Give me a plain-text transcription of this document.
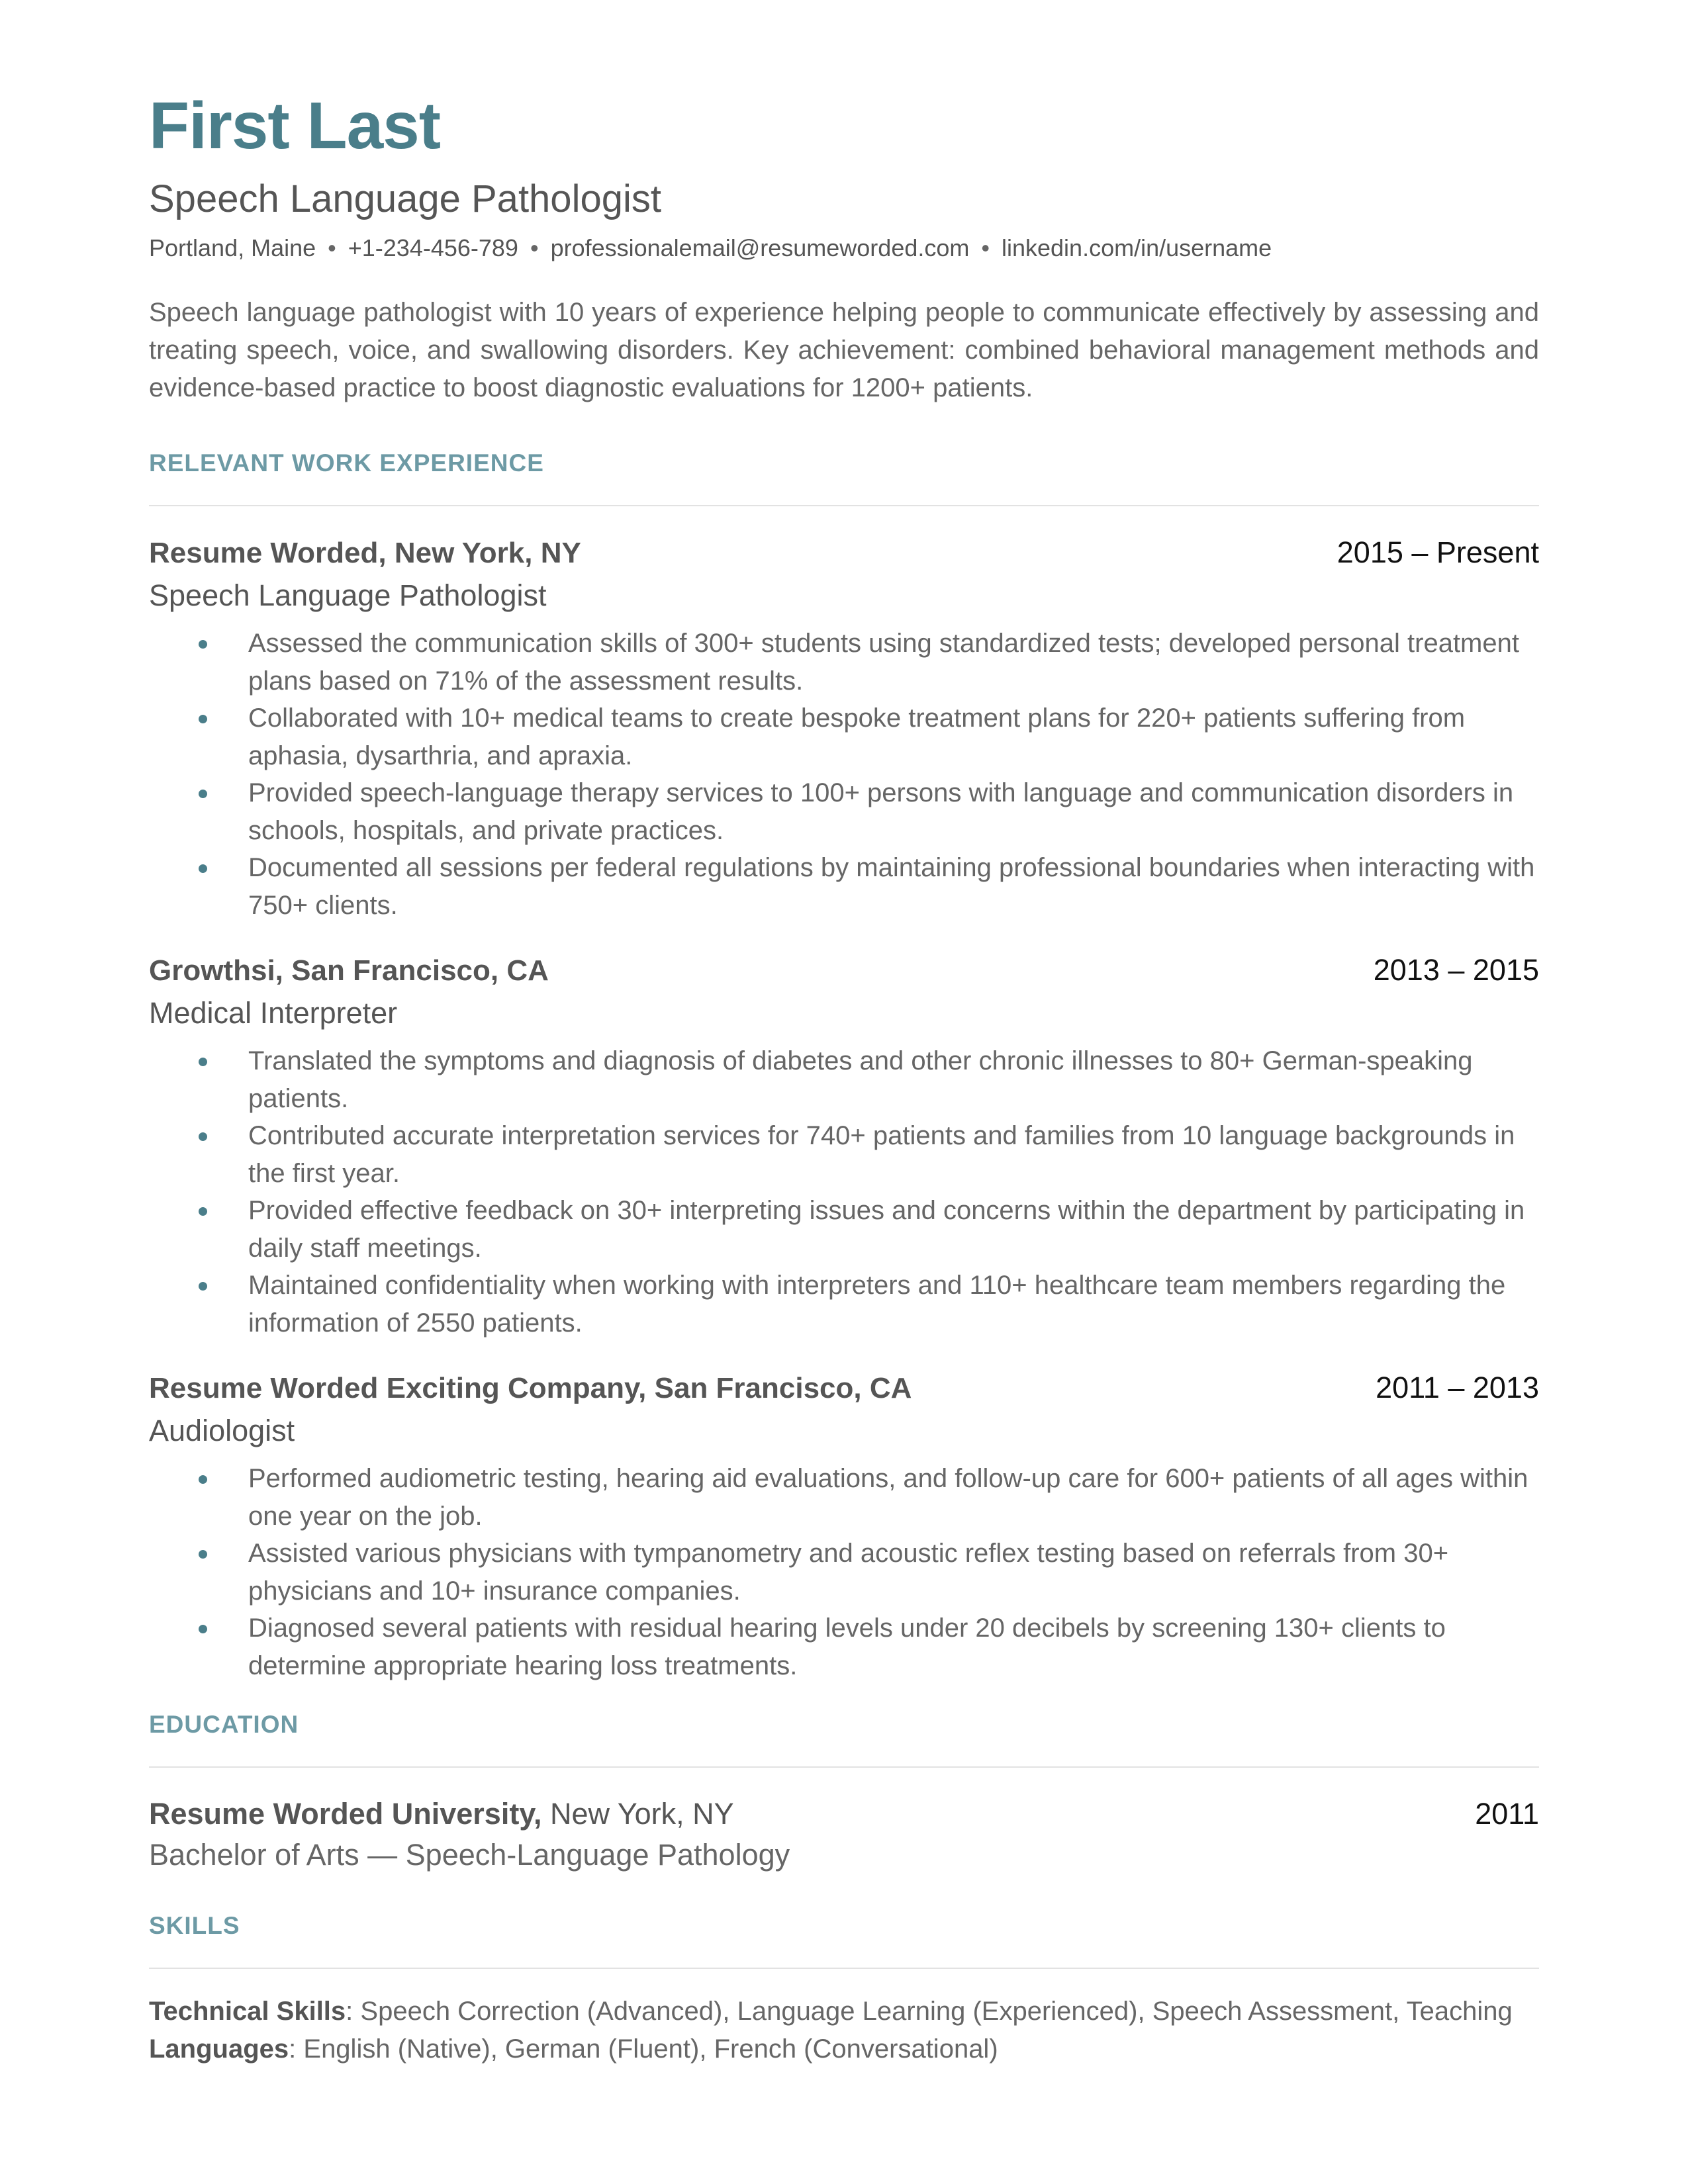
First Last
Speech Language Pathologist
Portland, Maine • +1-234-456-789 • professionalemail@resumeworded.com • linkedin.com/in/username

Speech language pathologist with 10 years of experience helping people to communicate effectively by assessing and treating speech, voice, and swallowing disorders. Key achievement: combined behavioral management methods and evidence-based practice to boost diagnostic evaluations for 1200+ patients.

RELEVANT WORK EXPERIENCE
Resume Worded, New York, NY	2015 – Present
Speech Language Pathologist
Assessed the communication skills of 300+ students using standardized tests; developed personal treatment plans based on 71% of the assessment results.
Collaborated with 10+ medical teams to create bespoke treatment plans for 220+ patients suffering from aphasia, dysarthria, and apraxia.
Provided speech-language therapy services to 100+ persons with language and communication disorders in schools, hospitals, and private practices.
Documented all sessions per federal regulations by maintaining professional boundaries when interacting with 750+ clients.
Growthsi, San Francisco, CA	2013 – 2015
Medical Interpreter
Translated the symptoms and diagnosis of diabetes and other chronic illnesses to 80+ German-speaking patients.
Contributed accurate interpretation services for 740+ patients and families from 10 language backgrounds in the first year.
Provided effective feedback on 30+ interpreting issues and concerns within the department by participating in daily staff meetings.
Maintained confidentiality when working with interpreters and 110+ healthcare team members regarding the information of 2550 patients.
Resume Worded Exciting Company, San Francisco, CA	2011 – 2013
Audiologist
Performed audiometric testing, hearing aid evaluations, and follow-up care for 600+ patients of all ages within one year on the job.
Assisted various physicians with tympanometry and acoustic reflex testing based on referrals from 30+ physicians and 10+ insurance companies.
Diagnosed several patients with residual hearing levels under 20 decibels by screening 130+ clients to determine appropriate hearing loss treatments.
EDUCATION
Resume Worded University, New York, NY	2011
Bachelor of Arts — Speech-Language Pathology
SKILLS
Technical Skills: Speech Correction (Advanced), Language Learning (Experienced), Speech Assessment, Teaching
Languages: English (Native), German (Fluent), French (Conversational)
